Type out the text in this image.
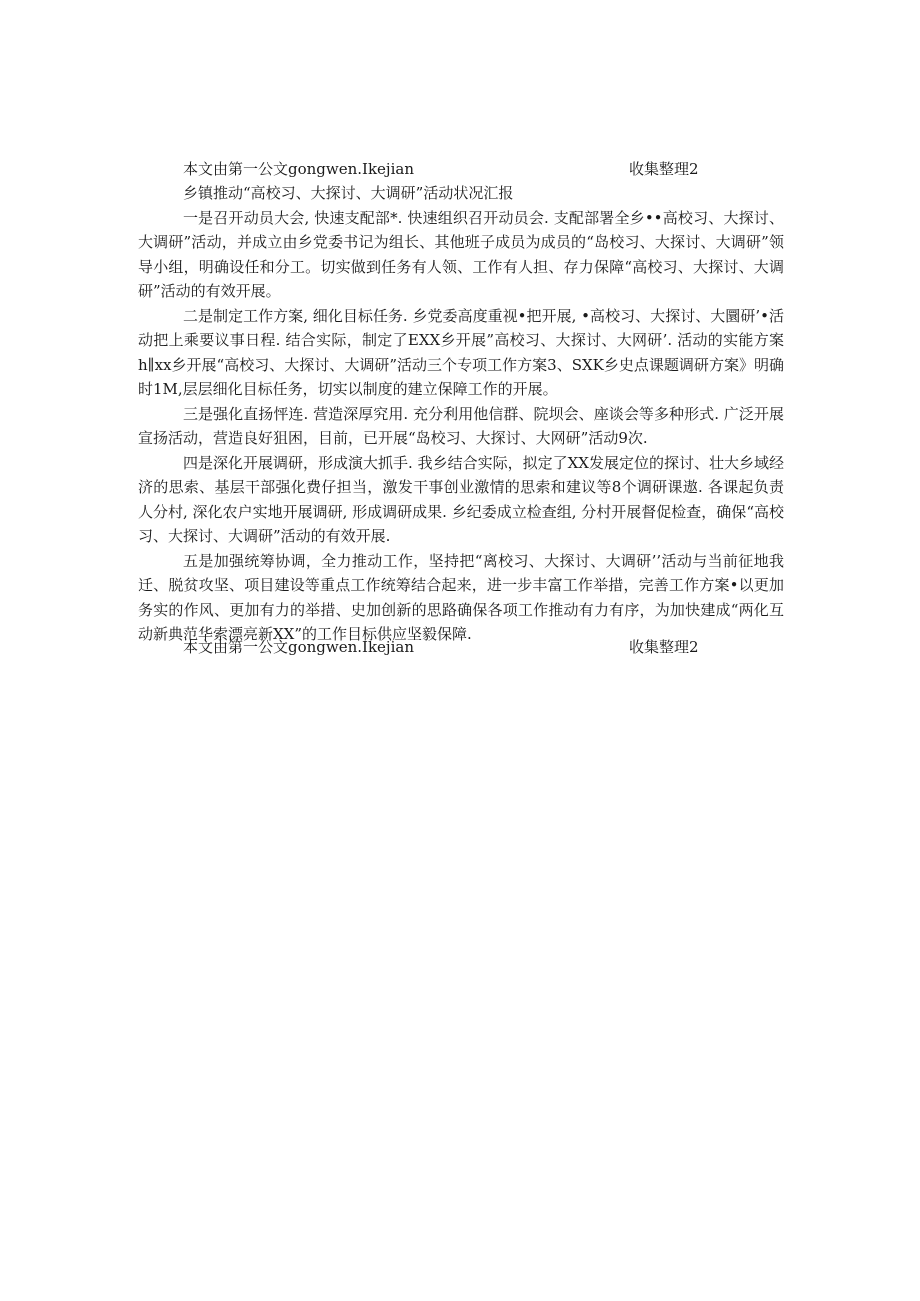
本文由第一公文gongwen.Ikejian	收集整理2

乡镇推动“高校习、大探讨、大调研”活动状况汇报

一是召开动员大会, 快速支配部*. 快速组织召开动员会. 支配部署全乡••高校习、大探讨、大调研”活动，并成立由乡党委书记为组长、其他班子成员为成员的“岛校习、大探讨、大调研”领导小组，明确设任和分工。切实做到任务有人领、工作有人担、存力保障“高校习、大探讨、大调研”活动的有效开展。

二是制定工作方案, 细化目标任务. 乡党委高度重视•把开展, •高校习、大探讨、大圜研’•活动把上乘要议事日程. 结合实际，制定了EXX乡开展”高校习、大探讨、大网研’. 活动的实能方案h∥xx乡开展“高校习、大探讨、大调研”活动三个专项工作方案3、SXK乡史点课题调研方案》明确时1M,层层细化目标任务，切实以制度的建立保障工作的开展。

三是强化直扬怦连. 营造深厚究用. 充分利用他信群、院坝会、座谈会等多种形式. 广泛开展宣扬活动，营造良好狙困，目前，已开展“岛校习、大探讨、大网研”活动9次.

四是深化开展调研，形成演大抓手. 我乡结合实际，拟定了XX发展定位的探讨、壮大乡域经济的思索、基层干部强化费仔担当，激发干事创业激情的思索和建议等8个调研课遨. 各课起负责人分村, 深化农户实地开展调研, 形成调研成果. 乡纪委成立检查组, 分村开展督促检查，确保“高校习、大探讨、大调研”活动的有效开展.

五是加强统筹协调，全力推动工作，坚持把“离校习、大探讨、大调研’’活动与当前征地我迁、脱贫攻坚、项目建设等重点工作统筹结合起来，进一步丰富工作举措，完善工作方案•以更加务实的作风、更加有力的举措、史加创新的思路确保各项工作推动有力有序，为加快建成“两化互动新典范华索漂亮新XX”的工作目标供应坚毅保障.

本文由第一公文gongwen.Ikejian	收集整理2
